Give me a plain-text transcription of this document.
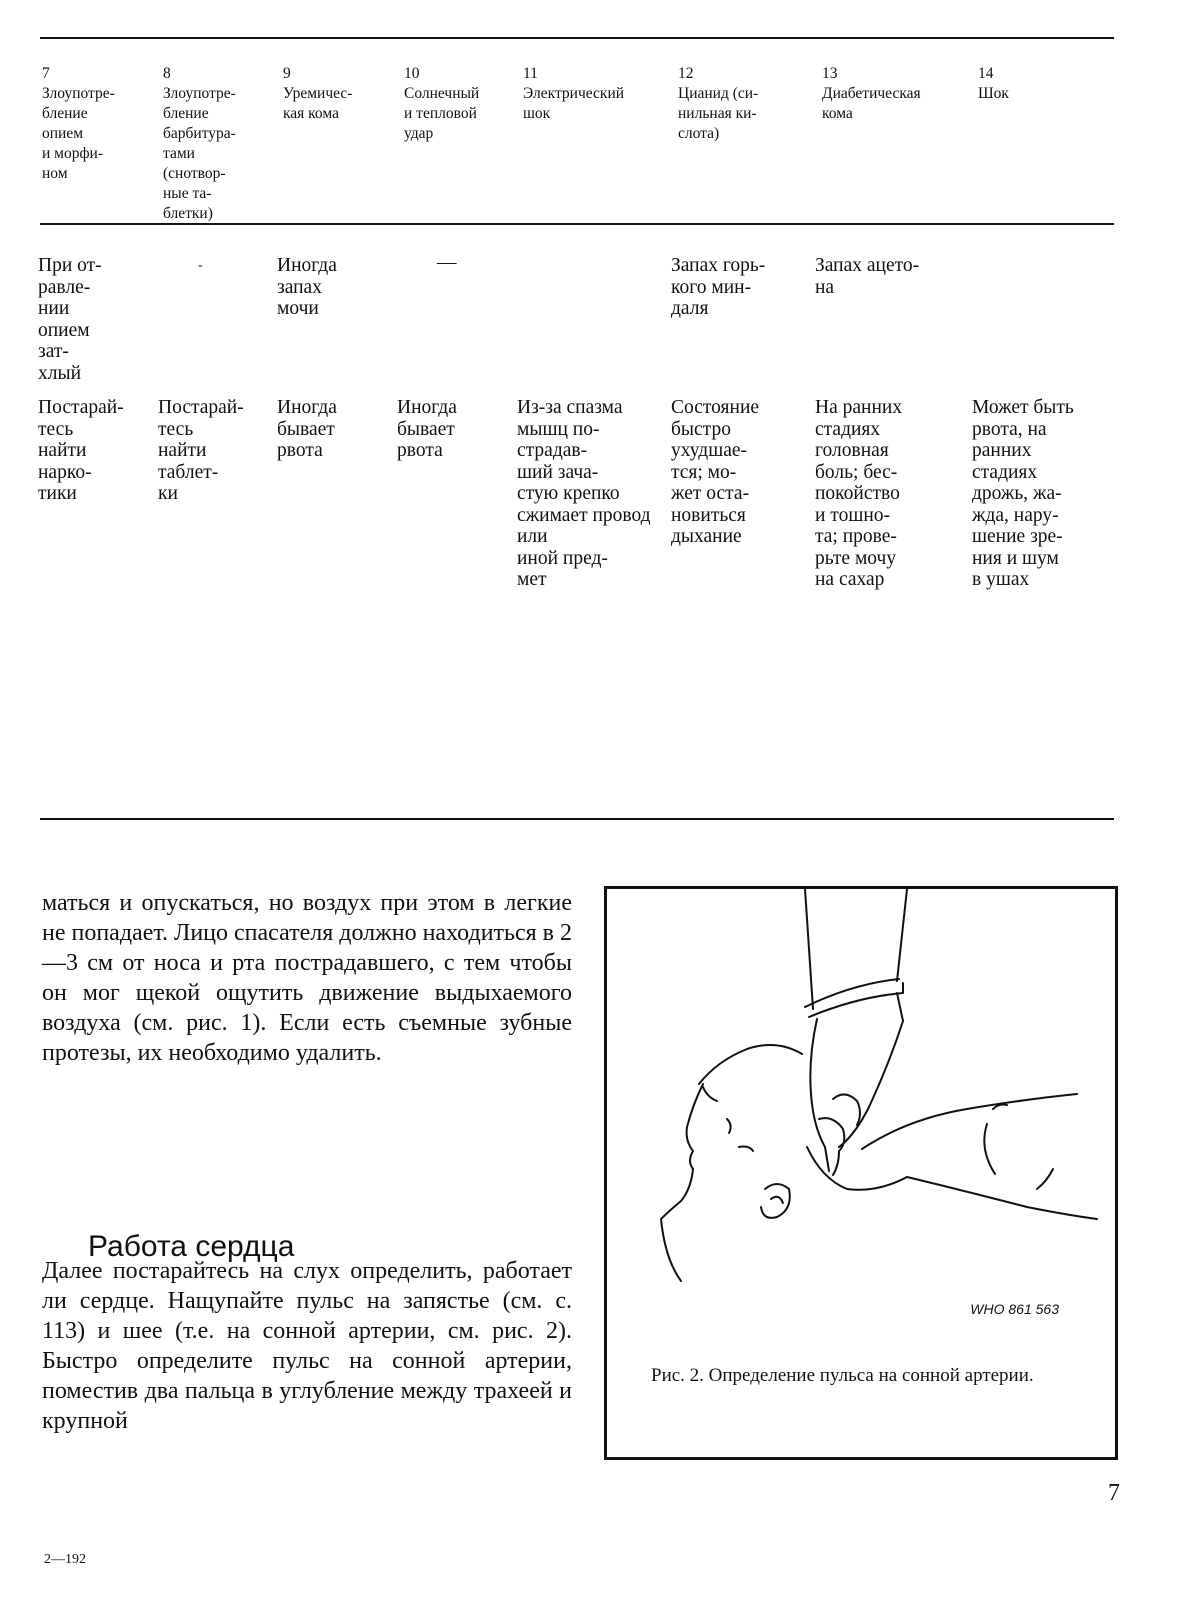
7
Злоупотре-
бление
опием
и морфи-
ном

8
Злоупотре-
бление
барбитура-
тами
(снотвор-
ные та-
блетки)

9
Уремичес-
кая кома

10
Солнечный
и тепловой
удар

11
Электрический
шок

12
Цианид (си-
нильная ки-
слота)

13
Диабетическая
кома

14
Шок

При от-
равле-
нии
опием
зат-
хлый
-	Иногда
запах
мочи
—	Запах горь-
кого мин-
даля
Запах ацето-
на
Постарай-
тесь
найти
нарко-
тики
Постарай-
тесь
найти
таблет-
ки
Иногда
бывает
рвота
Иногда
бывает
рвота
Из-за спазма
мышц по-
страдав-
ший зача-
стую крепко
сжимает провод
или
иной пред-
мет
Состояние
быстро
ухудшае-
тся; мо-
жет оста-
новиться
дыхание
На ранних
стадиях
головная
боль; бес-
покойство
и тошно-
та; прове-
рьте мочу
на сахар
Может быть
рвота, на
ранних
стадиях
дрожь, жа-
жда, нару-
шение зре-
ния и шум
в ушах
маться и опускаться, но воздух при этом в легкие не попадает. Лицо спасателя должно находиться в 2—3 см от носа и рта пострадавшего, с тем чтобы он мог щекой ощутить движение выдыхаемого воздуха (см. рис. 1). Если есть съемные зубные протезы, их необходимо удалить.
Работа сердца
Далее постарайтесь на слух определить, работает ли сердце. Нащупайте пульс на запястье (см. с. 113) и шее (т.е. на сонной артерии, см. рис. 2). Быстро определите пульс на сонной артерии, поместив два пальца в углубление между трахеей и крупной
WHO 861 563
Рис. 2. Определение пульса на сонной артерии.
7
2—192
